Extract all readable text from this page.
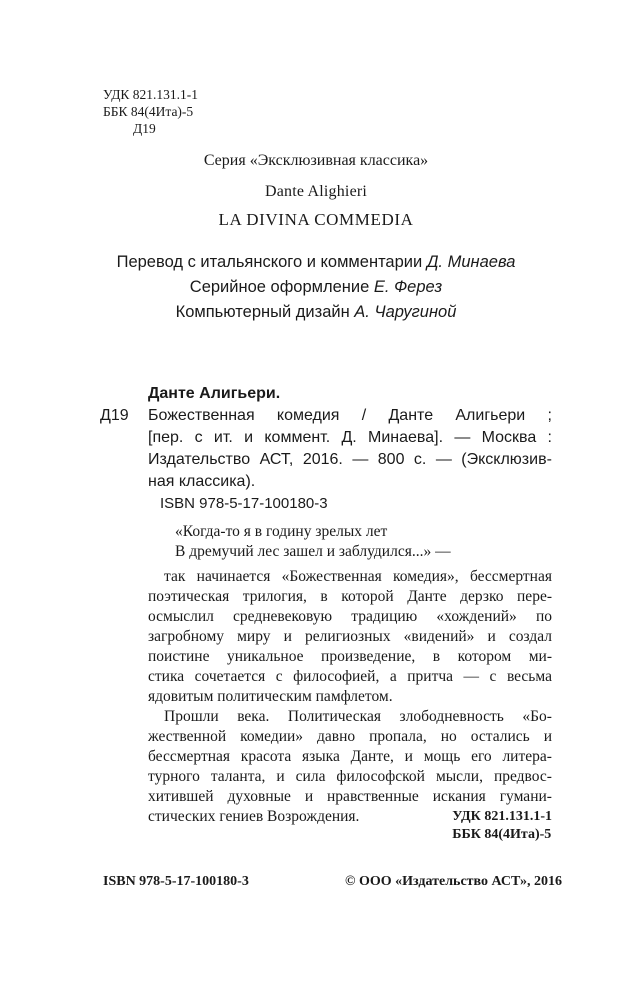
УДК 821.131.1-1
ББК 84(4Ита)-5
Д19
Серия «Эксклюзивная классика»
Dante Alighieri
LA DIVINA COMMEDIA
Перевод с итальянского и комментарии Д. Минаева
Серийное оформление Е. Ферез
Компьютерный дизайн А. Чаругиной
Д19
Данте Алигьери.
Божественная комедия / Данте Алигьери ;
[пер. с ит. и коммент. Д. Минаева]. — Москва :
Издательство АСТ, 2016. — 800 с. — (Эксклюзив-
ная классика).
ISBN 978-5-17-100180-3
«Когда-то я в годину зрелых лет
В дремучий лес зашел и заблудился...» —
так начинается «Божественная комедия», бессмертная
поэтическая трилогия, в которой Данте дерзко пере-
осмыслил средневековую традицию «хождений» по
загробному миру и религиозных «видений» и создал
поистине уникальное произведение, в котором ми-
стика сочетается с философией, а притча — с весьма
ядовитым политическим памфлетом.
Прошли века. Политическая злободневность «Бо-
жественной комедии» давно пропала, но остались и
бессмертная красота языка Данте, и мощь его литера-
турного таланта, и сила философской мысли, предвос-
хитившей духовные и нравственные искания гумани-
стических гениев Возрождения.	УДК 821.131.1-1
ББК 84(4Ита)-5
ISBN 978-5-17-100180-3	© ООО «Издательство АСТ», 2016
